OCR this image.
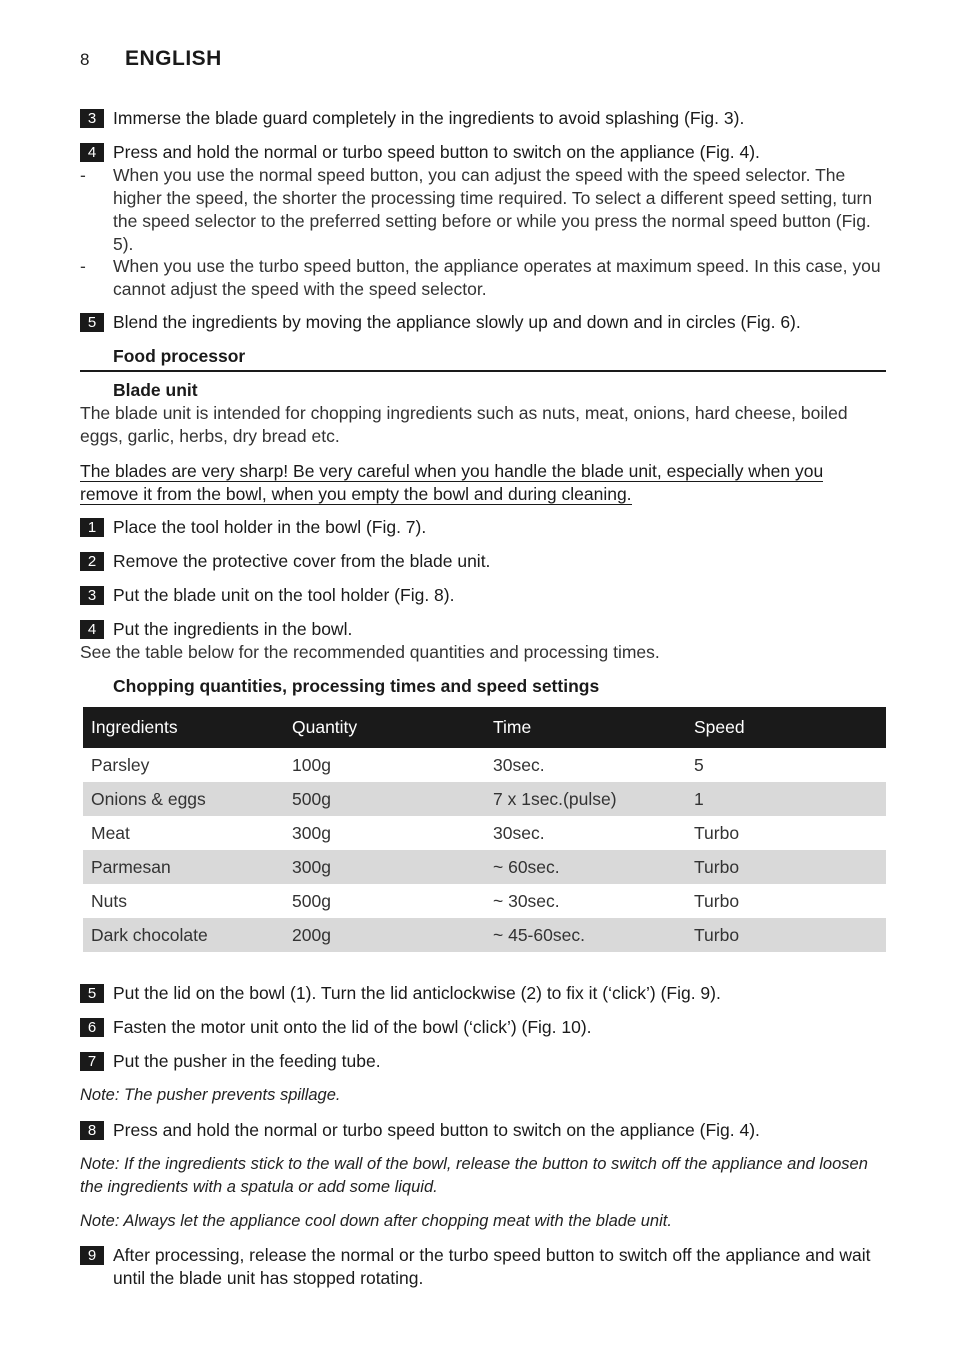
8 ENGLISH
3 Immerse the blade guard completely in the ingredients to avoid splashing (Fig. 3).
4 Press and hold the normal or turbo speed button to switch on the appliance (Fig. 4).
- When you use the normal speed button, you can adjust the speed with the speed selector. The higher the speed, the shorter the processing time required. To select a different speed setting, turn the speed selector to the preferred setting before or while you press the normal speed button (Fig. 5).
- When you use the turbo speed button, the appliance operates at maximum speed. In this case, you cannot adjust the speed with the speed selector.
5 Blend the ingredients by moving the appliance slowly up and down and in circles (Fig. 6).
Food processor
Blade unit
The blade unit is intended for chopping ingredients such as nuts, meat, onions, hard cheese, boiled eggs, garlic, herbs, dry bread etc.
The blades are very sharp! Be very careful when you handle the blade unit, especially when you remove it from the bowl, when you empty the bowl and during cleaning.
1 Place the tool holder in the bowl (Fig. 7).
2 Remove the protective cover from the blade unit.
3 Put the blade unit on the tool holder (Fig. 8).
4 Put the ingredients in the bowl.
See the table below for the recommended quantities and processing times.
Chopping quantities, processing times and speed settings
Ingredients	Quantity	Time	Speed
Parsley	100g	30sec.	5
Onions & eggs	500g	7 x 1sec.(pulse)	1
Meat	300g	30sec.	Turbo
Parmesan	300g	~ 60sec.	Turbo
Nuts	500g	~ 30sec.	Turbo
Dark chocolate	200g	~ 45-60sec.	Turbo
5 Put the lid on the bowl (1). Turn the lid anticlockwise (2) to fix it (‘click’) (Fig. 9).
6 Fasten the motor unit onto the lid of the bowl (‘click’) (Fig. 10).
7 Put the pusher in the feeding tube.
Note: The pusher prevents spillage.
8 Press and hold the normal or turbo speed button to switch on the appliance (Fig. 4).
Note: If the ingredients stick to the wall of the bowl, release the button to switch off the appliance and loosen the ingredients with a spatula or add some liquid.
Note: Always let the appliance cool down after chopping meat with the blade unit.
9 After processing, release the normal or the turbo speed button to switch off the appliance and wait until the blade unit has stopped rotating.
